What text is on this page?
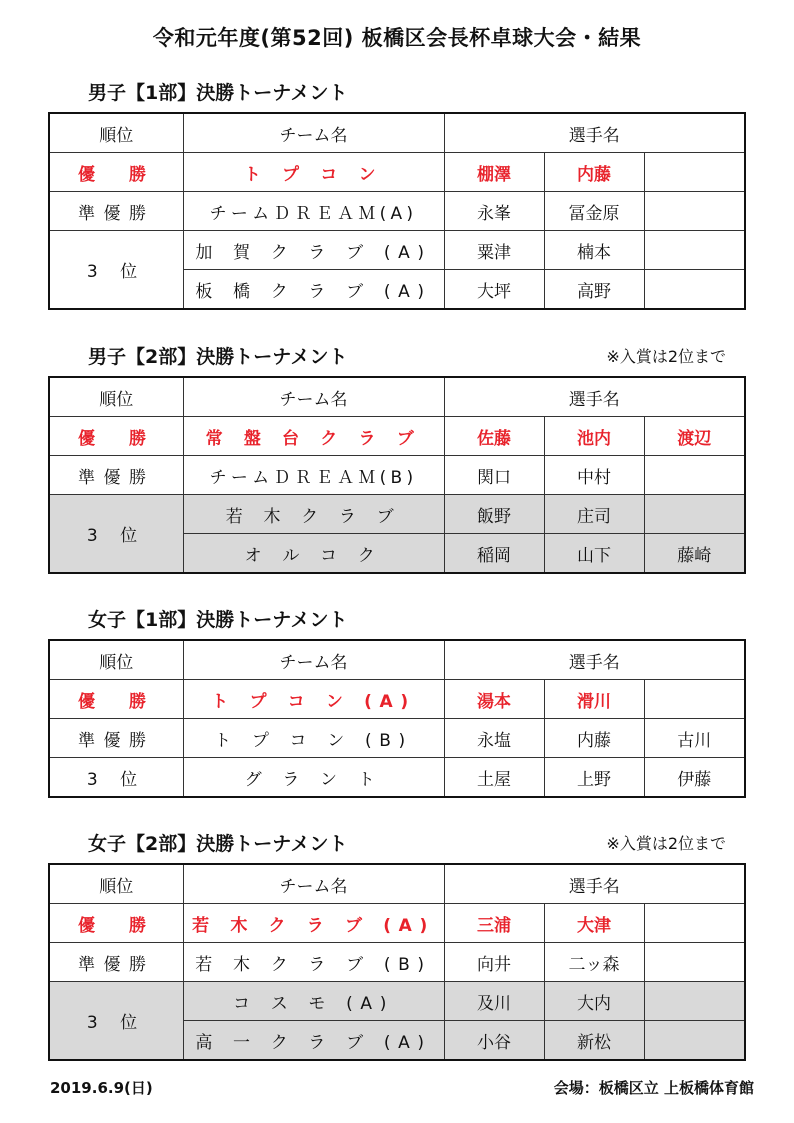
令和元年度(第52回) 板橋区会長杯卓球大会・結果
男子【1部】決勝トーナメント
順位	チーム名	選手名		
優　勝	ト プ コ ン	棚澤	内藤	
準優勝	チームＤＲＥＡＭ(A)	永峯	冨金原	
3 位	加 賀 ク ラ ブ (A)	粟津	楠本	
	板 橋 ク ラ ブ (A)	大坪	高野	
男子【2部】決勝トーナメント	※入賞は2位まで
順位	チーム名	選手名		
優　勝	常 盤 台 ク ラ ブ	佐藤	池内	渡辺
準優勝	チームＤＲＥＡＭ(B)	関口	中村	
3 位	若 木 ク ラ ブ	飯野	庄司	
	オ ル コ ク	稲岡	山下	藤崎
女子【1部】決勝トーナメント
順位	チーム名	選手名		
優　勝	ト プ コ ン (A)	湯本	滑川	
準優勝	ト プ コ ン (B)	永塩	内藤	古川
3 位	グ ラ ン ト	土屋	上野	伊藤
女子【2部】決勝トーナメント	※入賞は2位まで
順位	チーム名	選手名		
優　勝	若 木 ク ラ ブ (A)	三浦	大津	
準優勝	若 木 ク ラ ブ (B)	向井	二ッ森	
3 位	コ ス モ (A)	及川	大内	
	高 一 ク ラ ブ (A)	小谷	新松	
2019.6.9(日)	会場：板橋区立 上板橋体育館
